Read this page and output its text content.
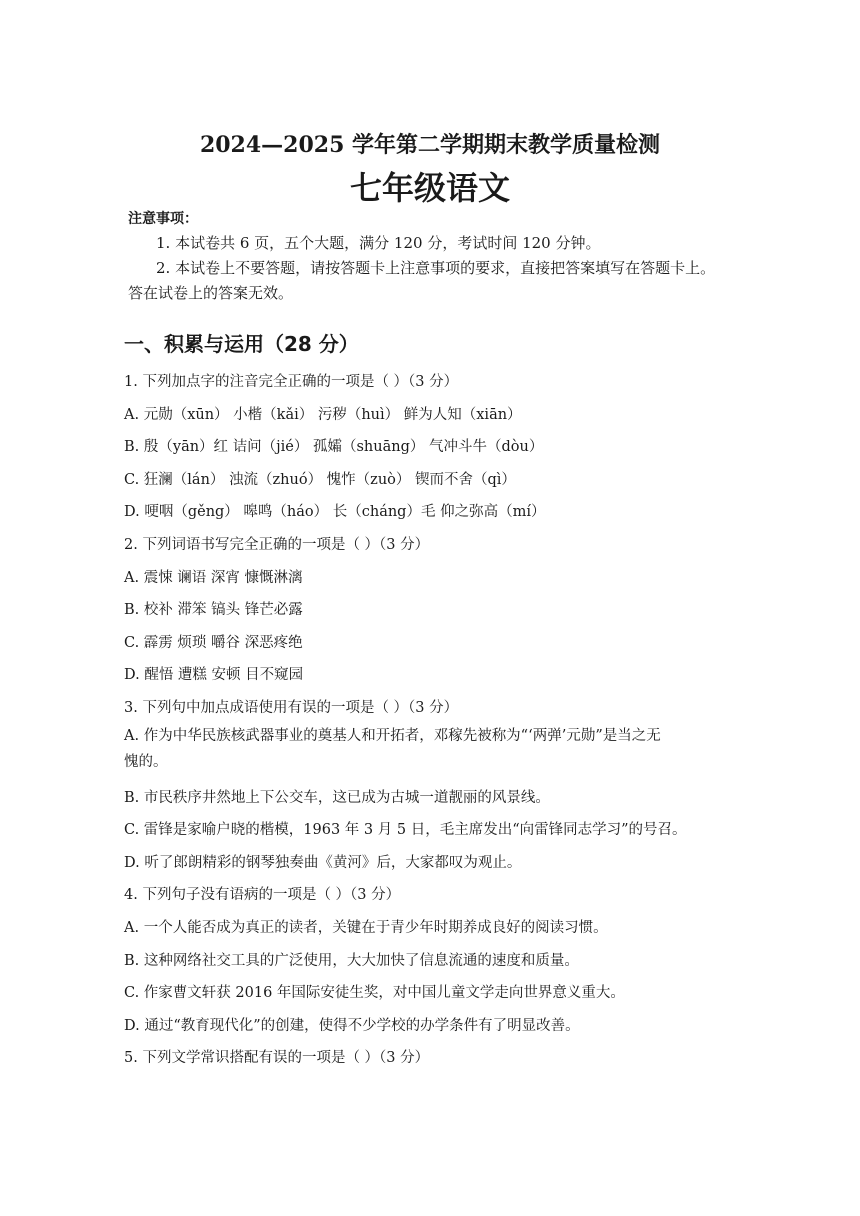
2024—2025 学年第二学期期末教学质量检测
七年级语文
注意事项：
1. 本试卷共 6 页，五个大题，满分 120 分，考试时间 120 分钟。
2. 本试卷上不要答题，请按答题卡上注意事项的要求，直接把答案填写在答题卡上。
答在试卷上的答案无效。
一、积累与运用（28 分）
1. 下列加点字的注音完全正确的一项是（ ）（3 分）
A. 元勋（xūn） 小楷（kǎi） 污秽（huì） 鲜为人知（xiān）
B. 殷（yān）红 诘问（jié） 孤孀（shuāng） 气冲斗牛（dòu）
C. 狂澜（lán） 浊流（zhuó） 愧怍（zuò） 锲而不舍（qì）
D. 哽咽（gěng） 嗥鸣（háo） 长（cháng）毛 仰之弥高（mí）
2. 下列词语书写完全正确的一项是（ ）（3 分）
A. 震悚 谰语 深宵 慷慨淋漓
B. 校补 滞笨 镐头 锋芒必露
C. 霹雳 烦琐 嚼谷 深恶疼绝
D. 醒悟 遭糕 安顿 目不窥园
3. 下列句中加点成语使用有误的一项是（ ）（3 分）
A. 作为中华民族核武器事业的奠基人和开拓者，邓稼先被称为“‘两弹’元勋”是当之无
愧的。
B. 市民秩序井然地上下公交车，这已成为古城一道靓丽的风景线。
C. 雷锋是家喻户晓的楷模，1963 年 3 月 5 日，毛主席发出“向雷锋同志学习”的号召。
D. 听了郎朗精彩的钢琴独奏曲《黄河》后，大家都叹为观止。
4. 下列句子没有语病的一项是（ ）（3 分）
A. 一个人能否成为真正的读者，关键在于青少年时期养成良好的阅读习惯。
B. 这种网络社交工具的广泛使用，大大加快了信息流通的速度和质量。
C. 作家曹文轩获 2016 年国际安徒生奖，对中国儿童文学走向世界意义重大。
D. 通过“教育现代化”的创建，使得不少学校的办学条件有了明显改善。
5. 下列文学常识搭配有误的一项是（ ）（3 分）
